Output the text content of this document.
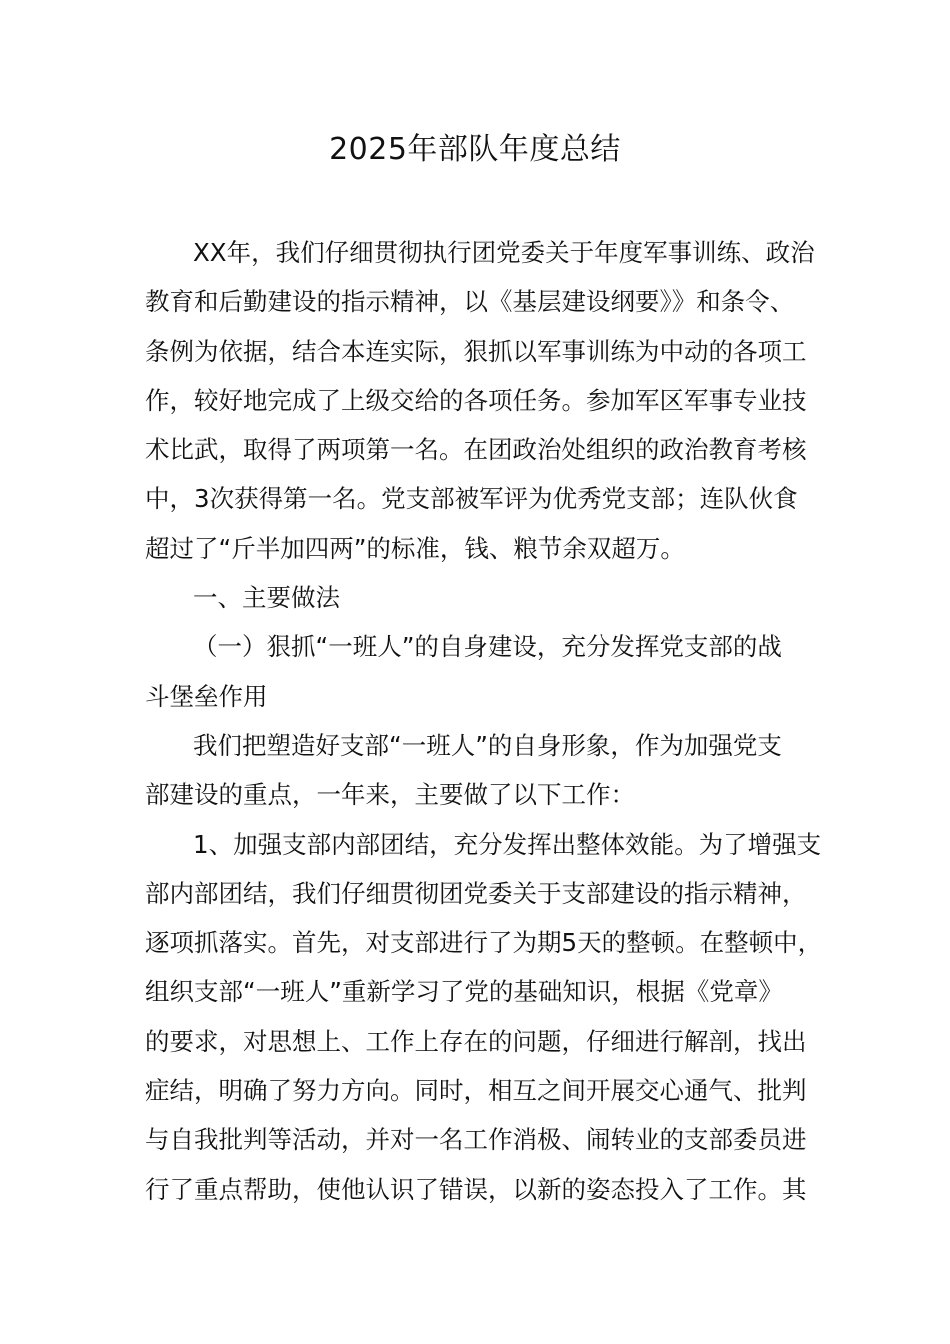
2025年部队年度总结
XX年，我们仔细贯彻执行团党委关于年度军事训练、政治
教育和后勤建设的指示精神，以《基层建设纲要》》和条令、
条例为依据，结合本连实际，狠抓以军事训练为中动的各项工
作，较好地完成了上级交给的各项任务。参加军区军事专业技
术比武，取得了两项第一名。在团政治处组织的政治教育考核
中，3次获得第一名。党支部被军评为优秀党支部；连队伙食
超过了“斤半加四两”的标准，钱、粮节余双超万。
一、主要做法
（一）狠抓“一班人”的自身建设，充分发挥党支部的战
斗堡垒作用
我们把塑造好支部“一班人”的自身形象，作为加强党支
部建设的重点，一年来，主要做了以下工作：
1、加强支部内部团结，充分发挥出整体效能。为了增强支
部内部团结，我们仔细贯彻团党委关于支部建设的指示精神，
逐项抓落实。首先，对支部进行了为期5天的整顿。在整顿中，
组织支部“一班人”重新学习了党的基础知识，根据《党章》
的要求，对思想上、工作上存在的问题，仔细进行解剖，找出
症结，明确了努力方向。同时，相互之间开展交心通气、批判
与自我批判等活动，并对一名工作消极、闹转业的支部委员进
行了重点帮助，使他认识了错误，以新的姿态投入了工作。其
